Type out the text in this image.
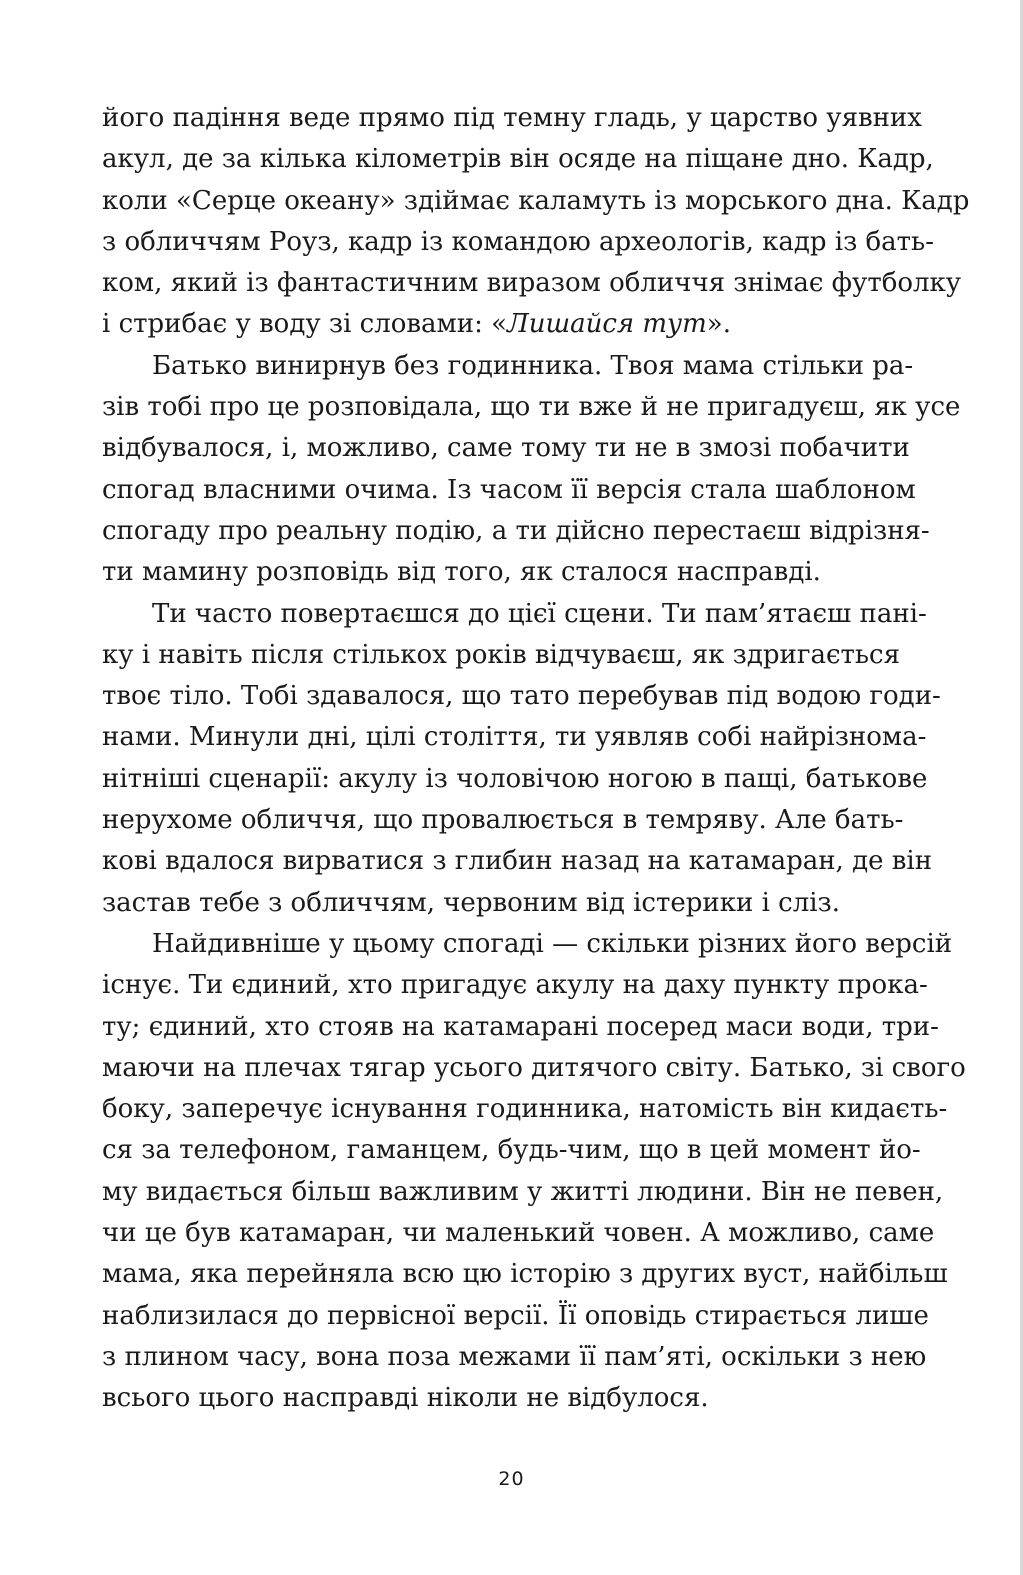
його падіння веде прямо під темну гладь, у царство уявних
акул, де за кілька кілометрів він осяде на піщане дно. Кадр,
коли «Серце океану» здіймає каламуть із морського дна. Кадр
з обличчям Роуз, кадр із командою археологів, кадр із бать-
ком, який із фантастичним виразом обличчя знімає футболку
і стрибає у воду зі словами: «Лишайся тут».
Батько винирнув без годинника. Твоя мама стільки ра-
зів тобі про це розповідала, що ти вже й не пригадуєш, як усе
відбувалося, і, можливо, саме тому ти не в змозі побачити
спогад власними очима. Із часом її версія стала шаблоном
спогаду про реальну подію, а ти дійсно перестаєш відрізня-
ти мамину розповідь від того, як сталося насправді.
Ти часто повертаєшся до цієї сцени. Ти пам’ятаєш пані-
ку і навіть після стількох років відчуваєш, як здригається
твоє тіло. Тобі здавалося, що тато перебував під водою годи-
нами. Минули дні, цілі століття, ти уявляв собі найрізнома-
нітніші сценарії: акулу із чоловічою ногою в пащі, батькове
нерухоме обличчя, що провалюється в темряву. Але бать-
кові вдалося вирватися з глибин назад на катамаран, де він
застав тебе з обличчям, червоним від істерики і сліз.
Найдивніше у цьому спогаді — скільки різних його версій
існує. Ти єдиний, хто пригадує акулу на даху пункту прока-
ту; єдиний, хто стояв на катамарані посеред маси води, три-
маючи на плечах тягар усього дитячого світу. Батько, зі свого
боку, заперечує існування годинника, натомість він кидаєть-
ся за телефоном, гаманцем, будь-чим, що в цей момент йо-
му видається більш важливим у житті людини. Він не певен,
чи це був катамаран, чи маленький човен. А можливо, саме
мама, яка перейняла всю цю історію з других вуст, найбільш
наблизилася до первісної версії. Її оповідь стирається лише
з плином часу, вона поза межами її пам’яті, оскільки з нею
всього цього насправді ніколи не відбулося.
20
